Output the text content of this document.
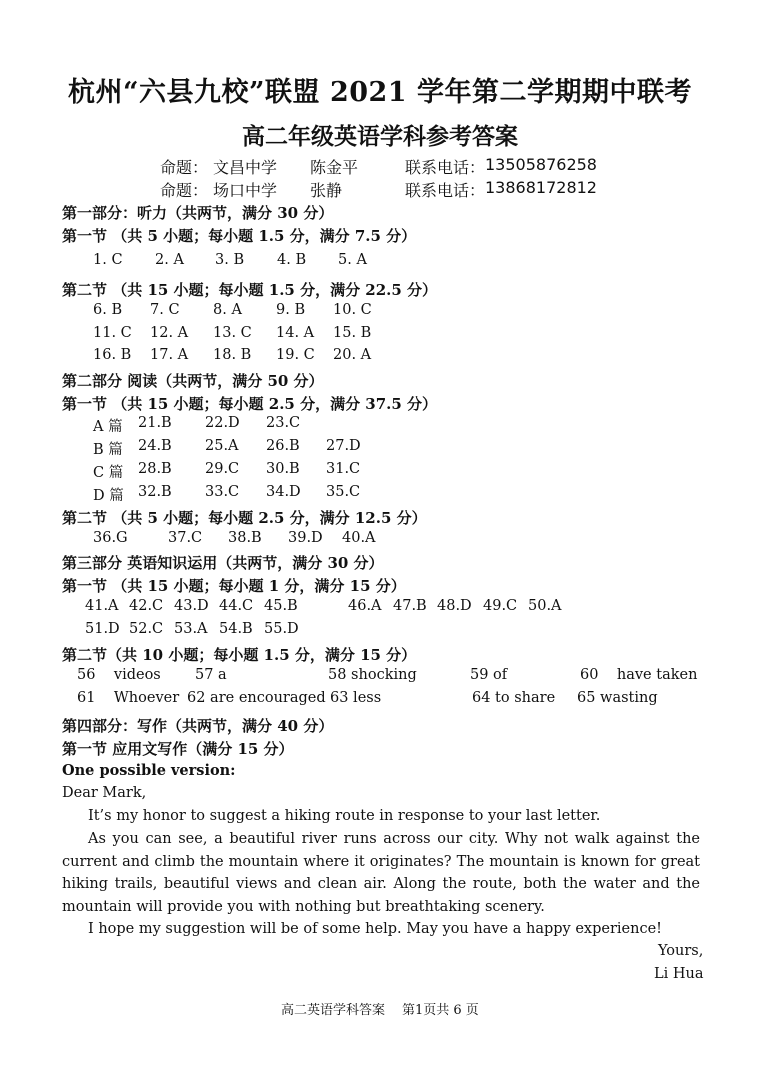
杭州“六县九校”联盟 2021 学年第二学期期中联考
高二年级英语学科参考答案
命题： 文昌中学 陈金平	联系电话： 13505876258
命题： 场口中学 张静	联系电话： 13868172812
第一部分：听力（共两节，满分 30 分）
第一节 （共 5 小题；每小题 1.5 分，满分 7.5 分）
1. C 2. A 3. B 4. B 5. A
第二节 （共 15 小题；每小题 1.5 分，满分 22.5 分）
6. B 7. C 8. A 9. B 10. C
11. C 12. A 13. C 14. A 15. B
16. B 17. A 18. B 19. C 20. A
第二部分 阅读（共两节，满分 50 分）
第一节 （共 15 小题；每小题 2.5 分，满分 37.5 分）
A 篇 21.B 22.D 23.C
B 篇 24.B 25.A 26.B 27.D
C 篇 28.B 29.C 30.B 31.C
D 篇 32.B 33.C 34.D 35.C
第二节 （共 5 小题；每小题 2.5 分，满分 12.5 分）
36.G	37.C 38.B 39.D 40.A
第三部分 英语知识运用（共两节，满分 30 分）
第一节 （共 15 小题；每小题 1 分，满分 15 分）
41.A 42.C 43.D 44.C 45.B	46.A 47.B 48.D 49.C 50.A
51.D 52.C 53.A 54.B 55.D
第二节（共 10 小题；每小题 1.5 分，满分 15 分）
56    videos 57 a	58 shocking	59 of	60    have taken
61    Whoever 62 are encouraged 63 less	64 to share 65 wasting
第四部分：写作（共两节，满分 40 分）
第一节 应用文写作（满分 15 分）
One possible version:
Dear Mark,
It’s my honor to suggest a hiking route in response to your last letter.
As you can see, a beautiful river runs across our city. Why not walk against the current and climb the mountain where it originates? The mountain is known for great hiking trails, beautiful views and clean air. Along the route, both the water and the mountain will provide you with nothing but breathtaking scenery.
I hope my suggestion will be of some help. May you have a happy experience!
Yours,
Li Hua
高二英语学科答案 第1页共 6 页
